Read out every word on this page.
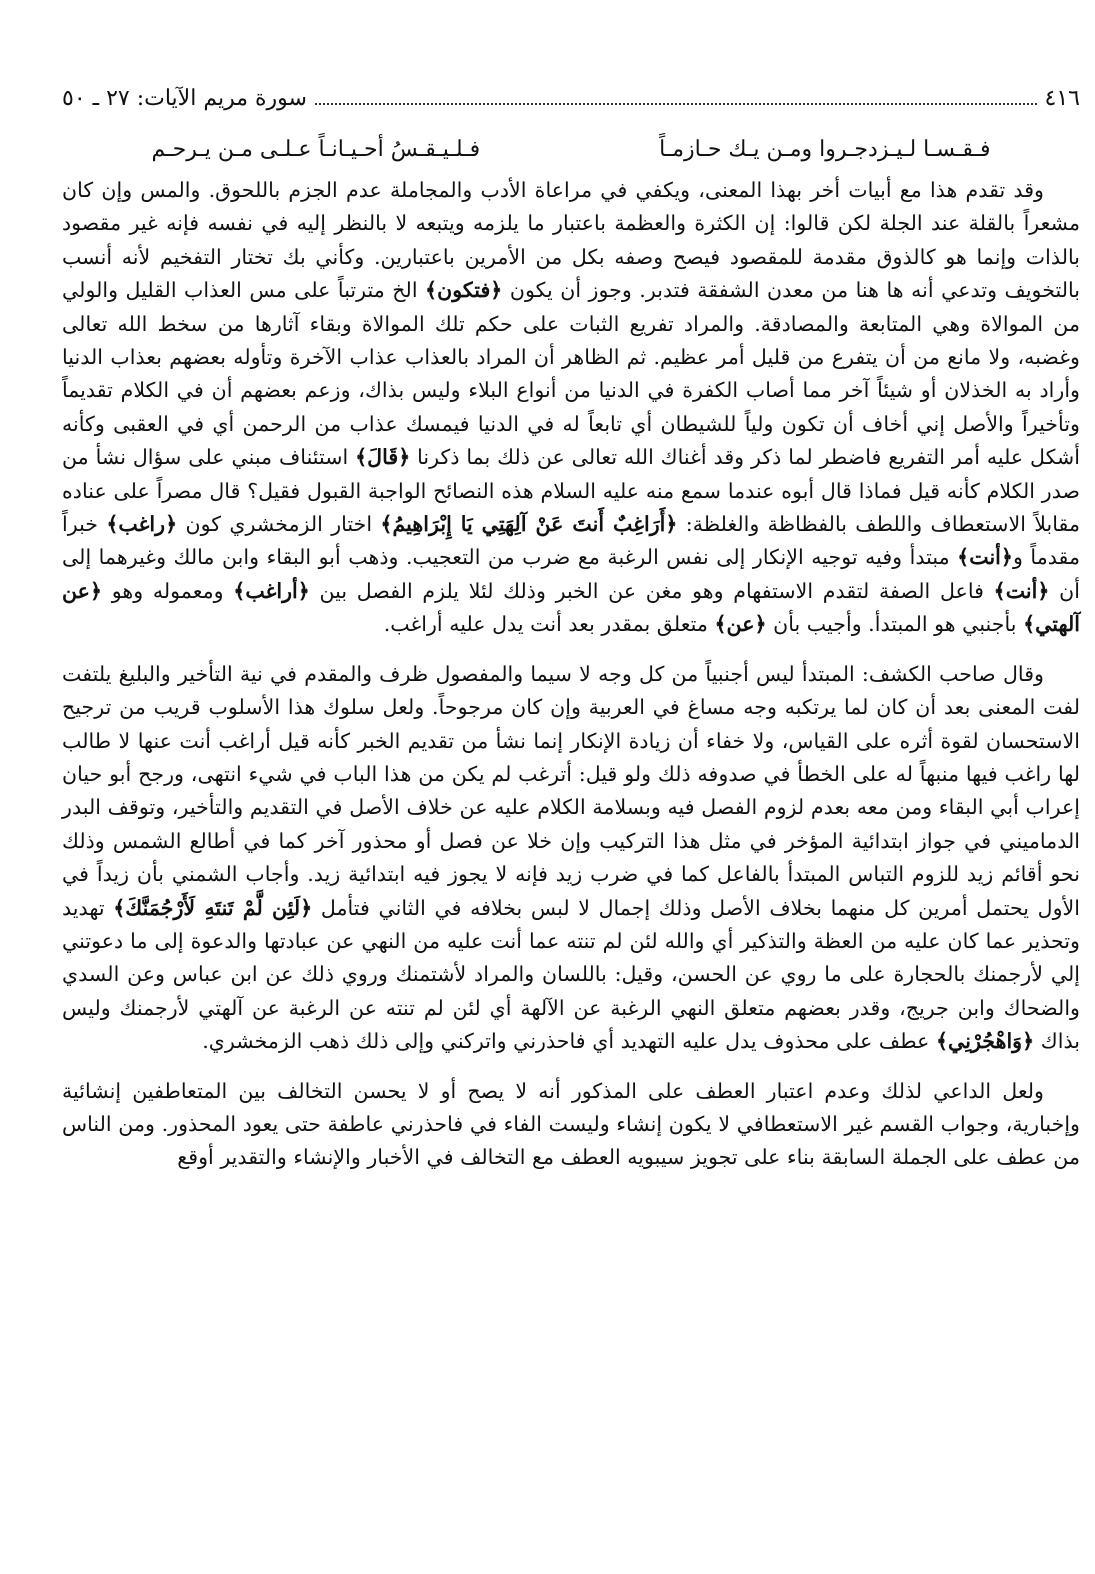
٤١٦
سورة مريم الآيات: ٢٧ ـ ٥٠
فـقـسـا لـيـزدجـروا ومـن يـك حـازمـاً
فـلـيـقـسُ أحـيـانـاً عـلـى مـن يـرحـم

وقد تقدم هذا مع أبيات أخر بهذا المعنى، ويكفي في مراعاة الأدب والمجاملة عدم الجزم باللحوق. والمس وإن كان مشعراً بالقلة عند الجلة لكن قالوا: إن الكثرة والعظمة باعتبار ما يلزمه ويتبعه لا بالنظر إليه في نفسه فإنه غير مقصود بالذات وإنما هو كالذوق مقدمة للمقصود فيصح وصفه بكل من الأمرين باعتبارين. وكأني بك تختار التفخيم لأنه أنسب بالتخويف وتدعي أنه ها هنا من معدن الشفقة فتدبر. وجوز أن يكون ﴿فتكون﴾ الخ مترتباً على مس العذاب القليل والولي من الموالاة وهي المتابعة والمصادقة. والمراد تفريع الثبات على حكم تلك الموالاة وبقاء آثارها من سخط الله تعالى وغضبه، ولا مانع من أن يتفرع من قليل أمر عظيم. ثم الظاهر أن المراد بالعذاب عذاب الآخرة وتأوله بعضهم بعذاب الدنيا وأراد به الخذلان أو شيئاً آخر مما أصاب الكفرة في الدنيا من أنواع البلاء وليس بذاك، وزعم بعضهم أن في الكلام تقديماً وتأخيراً والأصل إني أخاف أن تكون ولياً للشيطان أي تابعاً له في الدنيا فيمسك عذاب من الرحمن أي في العقبى وكأنه أشكل عليه أمر التفريع فاضطر لما ذكر وقد أغناك الله تعالى عن ذلك بما ذكرنا ﴿قَالَ﴾ استئناف مبني على سؤال نشأ من صدر الكلام كأنه قيل فماذا قال أبوه عندما سمع منه عليه السلام هذه النصائح الواجبة القبول فقيل؟ قال مصراً على عناده مقابلاً الاستعطاف واللطف بالفظاظة والغلظة: ﴿أَرَاغِبٌ أَنتَ عَنْ آلِهَتِي يَا إِبْرَاهِيمُ﴾ اختار الزمخشري كون ﴿راغب﴾ خبراً مقدماً و﴿أنت﴾ مبتدأ وفيه توجيه الإنكار إلى نفس الرغبة مع ضرب من التعجيب. وذهب أبو البقاء وابن مالك وغيرهما إلى أن ﴿أنت﴾ فاعل الصفة لتقدم الاستفهام وهو مغن عن الخبر وذلك لئلا يلزم الفصل بين ﴿أراغب﴾ ومعموله وهو ﴿عن آلهتي﴾ بأجنبي هو المبتدأ. وأجيب بأن ﴿عن﴾ متعلق بمقدر بعد أنت يدل عليه أراغب.

وقال صاحب الكشف: المبتدأ ليس أجنبياً من كل وجه لا سيما والمفصول ظرف والمقدم في نية التأخير والبليغ يلتفت لفت المعنى بعد أن كان لما يرتكبه وجه مساغ في العربية وإن كان مرجوحاً. ولعل سلوك هذا الأسلوب قريب من ترجيح الاستحسان لقوة أثره على القياس، ولا خفاء أن زيادة الإنكار إنما نشأ من تقديم الخبر كأنه قيل أراغب أنت عنها لا طالب لها راغب فيها منبهاً له على الخطأ في صدوفه ذلك ولو قيل: أترغب لم يكن من هذا الباب في شيء انتهى، ورجح أبو حيان إعراب أبي البقاء ومن معه بعدم لزوم الفصل فيه وبسلامة الكلام عليه عن خلاف الأصل في التقديم والتأخير، وتوقف البدر الدماميني في جواز ابتدائية المؤخر في مثل هذا التركيب وإن خلا عن فصل أو محذور آخر كما في أطالع الشمس وذلك نحو أقائم زيد للزوم التباس المبتدأ بالفاعل كما في ضرب زيد فإنه لا يجوز فيه ابتدائية زيد. وأجاب الشمني بأن زيداً في الأول يحتمل أمرين كل منهما بخلاف الأصل وذلك إجمال لا لبس بخلافه في الثاني فتأمل ﴿لَئِن لَّمْ تَنتَهِ لَأَرْجُمَنَّكَ﴾ تهديد وتحذير عما كان عليه من العظة والتذكير أي والله لئن لم تنته عما أنت عليه من النهي عن عبادتها والدعوة إلى ما دعوتني إلي لأرجمنك بالحجارة على ما روي عن الحسن، وقيل: باللسان والمراد لأشتمنك وروي ذلك عن ابن عباس وعن السدي والضحاك وابن جريج، وقدر بعضهم متعلق النهي الرغبة عن الآلهة أي لئن لم تنته عن الرغبة عن آلهتي لأرجمنك وليس بذاك ﴿وَاهْجُرْنِي﴾ عطف على محذوف يدل عليه التهديد أي فاحذرني واتركني وإلى ذلك ذهب الزمخشري.

ولعل الداعي لذلك وعدم اعتبار العطف على المذكور أنه لا يصح أو لا يحسن التخالف بين المتعاطفين إنشائية وإخبارية، وجواب القسم غير الاستعطافي لا يكون إنشاء وليست الفاء في فاحذرني عاطفة حتى يعود المحذور. ومن الناس من عطف على الجملة السابقة بناء على تجويز سيبويه العطف مع التخالف في الأخبار والإنشاء والتقدير أوقع
